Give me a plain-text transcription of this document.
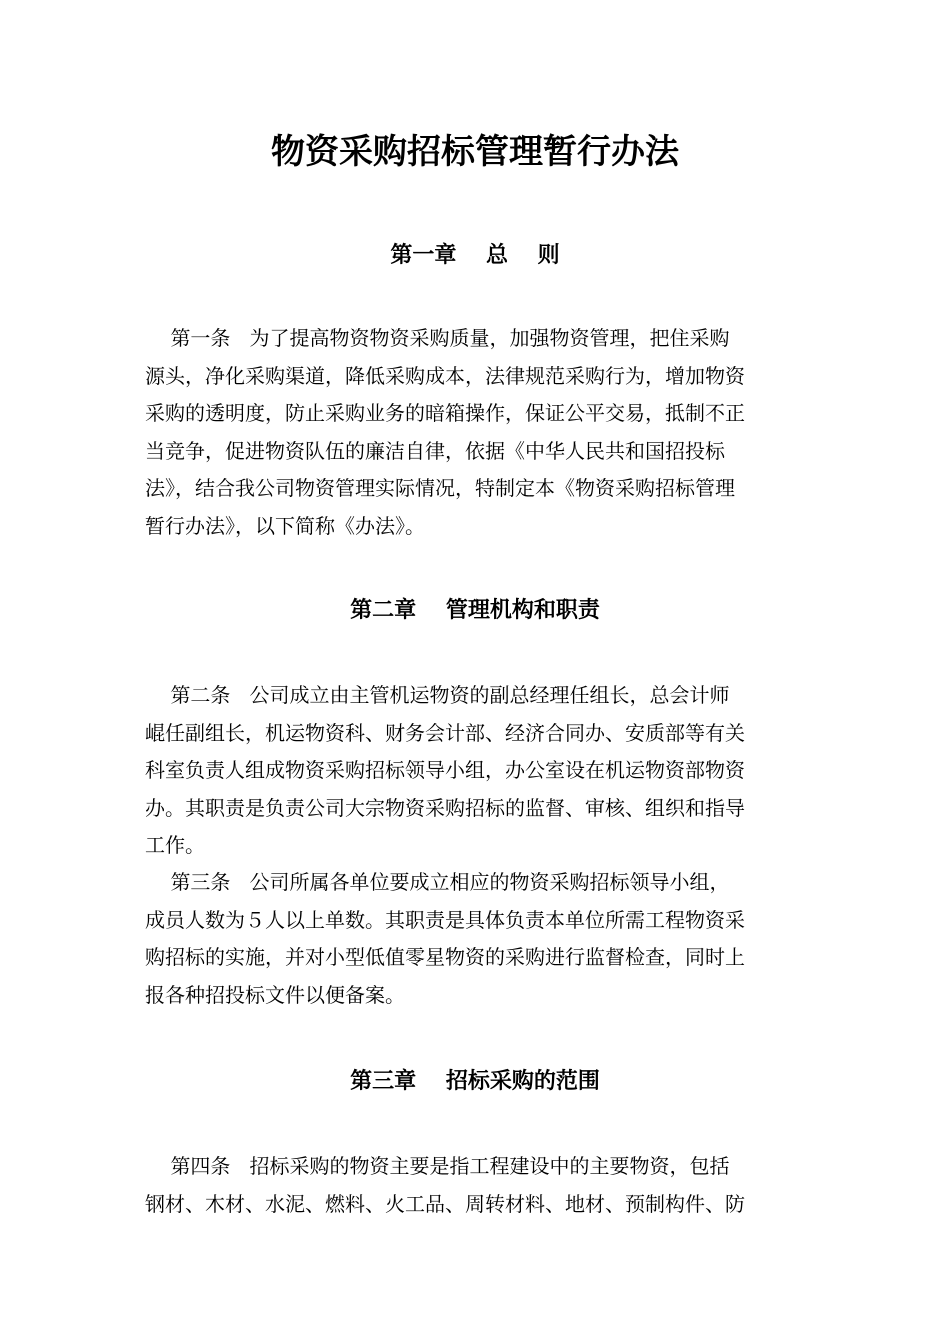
物资采购招标管理暂行办法
第一章　 总　 则
第一条 为了提高物资物资采购质量，加强物资管理，把住采购
源头，净化采购渠道，降低采购成本，法律规范采购行为，增加物资
采购的透明度，防止采购业务的暗箱操作，保证公平交易，抵制不正
当竞争，促进物资队伍的廉洁自律，依据《中华人民共和国招投标
法》，结合我公司物资管理实际情况，特制定本《物资采购招标管理
暂行办法》，以下简称《办法》。
第二章　 管理机构和职责
第二条 公司成立由主管机运物资的副总经理任组长，总会计师
崐任副组长，机运物资科、财务会计部、经济合同办、安质部等有关
科室负责人组成物资采购招标领导小组，办公室设在机运物资部物资
办。其职责是负责公司大宗物资采购招标的监督、审核、组织和指导
工作。
第三条 公司所属各单位要成立相应的物资采购招标领导小组，
成员人数为５人以上单数。其职责是具体负责本单位所需工程物资采
购招标的实施，并对小型低值零星物资的采购进行监督检查，同时上
报各种招投标文件以便备案。
第三章　 招标采购的范围
第四条 招标采购的物资主要是指工程建设中的主要物资，包括
钢材、木材、水泥、燃料、火工品、周转材料、地材、预制构件、防
